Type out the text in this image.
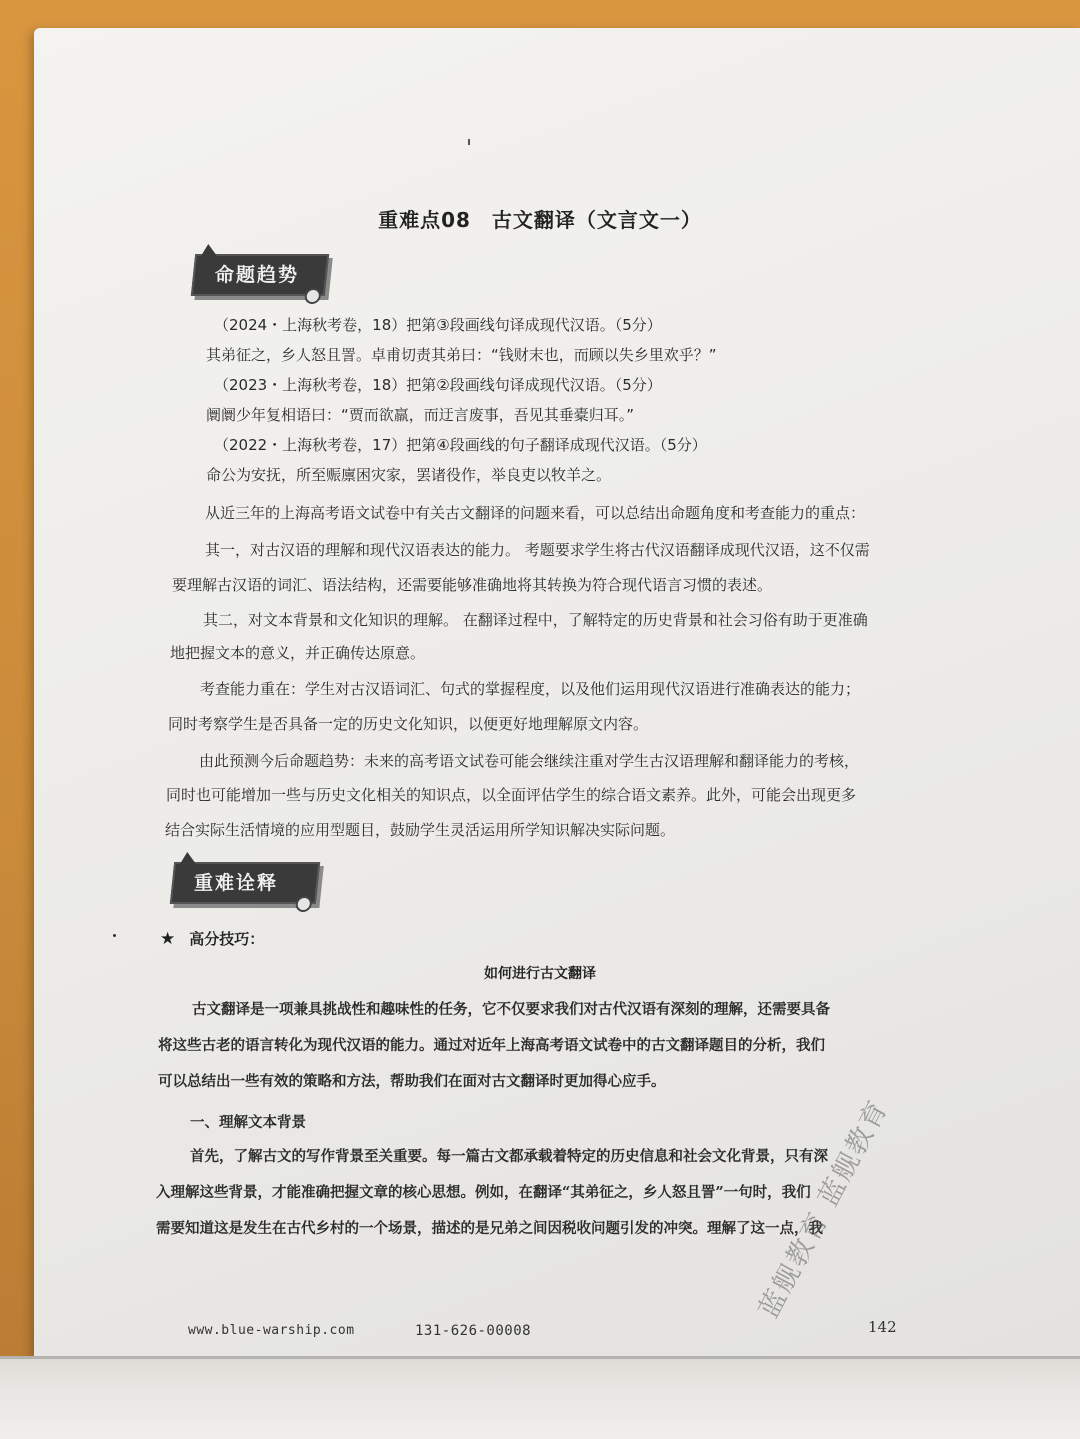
重难点08　古文翻译（文言文一）
命题趋势
（2024・上海秋考卷，18）把第③段画线句译成现代汉语。（5分）
其弟征之，乡人怒且詈。卓甫切责其弟曰：“钱财末也，而顾以失乡里欢乎？”
（2023・上海秋考卷，18）把第②段画线句译成现代汉语。（5分）
阛阛少年复相语曰：“贾而欲羸，而迂言废事，吾见其垂橐归耳。”
（2022・上海秋考卷，17）把第④段画线的句子翻译成现代汉语。（5分）
命公为安抚，所至赈廪困灾家，罢诸役作，举良吏以牧羊之。
从近三年的上海高考语文试卷中有关古文翻译的问题来看，可以总结出命题角度和考查能力的重点：
其一，对古汉语的理解和现代汉语表达的能力。 考题要求学生将古代汉语翻译成现代汉语，这不仅需
要理解古汉语的词汇、语法结构，还需要能够准确地将其转换为符合现代语言习惯的表述。
其二，对文本背景和文化知识的理解。 在翻译过程中，了解特定的历史背景和社会习俗有助于更准确
地把握文本的意义，并正确传达原意。
考查能力重在：学生对古汉语词汇、句式的掌握程度，以及他们运用现代汉语进行准确表达的能力；
同时考察学生是否具备一定的历史文化知识，以便更好地理解原文内容。
由此预测今后命题趋势：未来的高考语文试卷可能会继续注重对学生古汉语理解和翻译能力的考核，
同时也可能增加一些与历史文化相关的知识点，以全面评估学生的综合语文素养。此外，可能会出现更多
结合实际生活情境的应用型题目，鼓励学生灵活运用所学知识解决实际问题。
重难诠释
★ 高分技巧：
如何进行古文翻译
古文翻译是一项兼具挑战性和趣味性的任务，它不仅要求我们对古代汉语有深刻的理解，还需要具备
将这些古老的语言转化为现代汉语的能力。通过对近年上海高考语文试卷中的古文翻译题目的分析，我们
可以总结出一些有效的策略和方法，帮助我们在面对古文翻译时更加得心应手。
一、理解文本背景
首先，了解古文的写作背景至关重要。每一篇古文都承载着特定的历史信息和社会文化背景，只有深
入理解这些背景，才能准确把握文章的核心思想。例如，在翻译“其弟征之，乡人怒且詈”一句时，我们
需要知道这是发生在古代乡村的一个场景，描述的是兄弟之间因税收问题引发的冲突。理解了这一点，我
www.blue-warship.com	131-626-00008	142
蓝舰教育 蓝舰教育
